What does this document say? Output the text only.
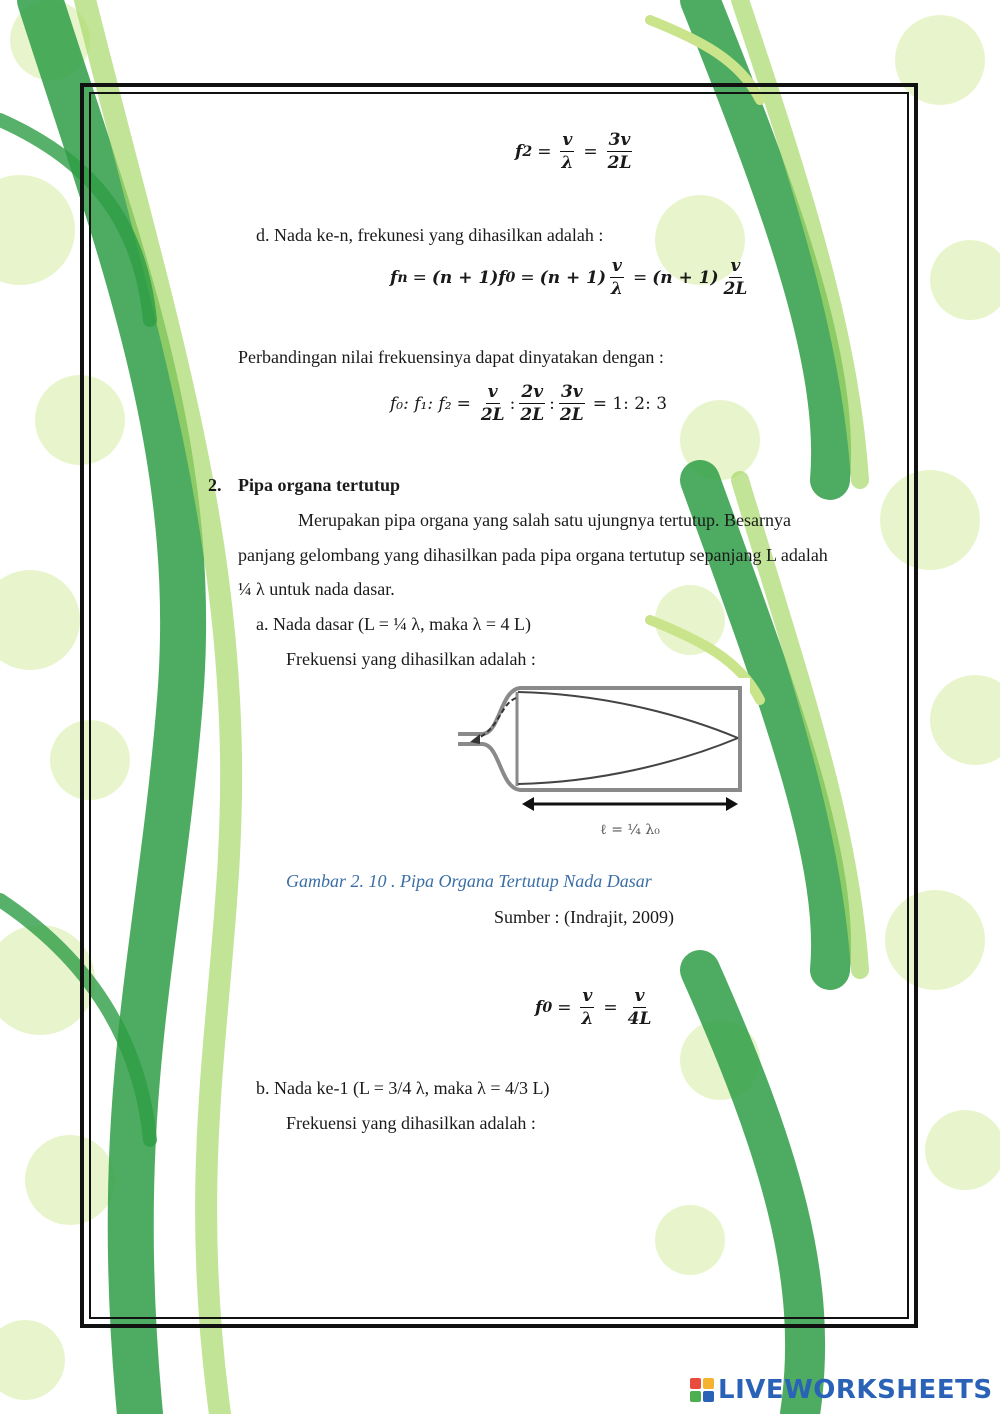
f $2 = \frac{v}{\lambda} = \frac{3v}{2L}$
d. Nada ke-n, frekunesi yang dihasilkan adalah :
f n = (n + 1)f $0 = (n + 1) \frac{v}{\lambda} = (n + 1) \frac{v}{2L}$
Perbandingan nilai frekuensinya dapat dinyatakan dengan :
f₀: f₁: $f_2 = \frac{v}{2L}$ : $\frac{2v}{2L}$ : $\frac{3v}{2L} = 1$: 2: 3
2. Pipa organa tertutup
Merupakan pipa organa yang salah satu ujungnya tertutup. Besarnya
panjang gelombang yang dihasilkan pada pipa organa tertutup sepanjang L adalah
¼ λ untuk nada dasar.
a. Nada dasar (L = ¼ λ, maka λ = 4 L)
Frekuensi yang dihasilkan adalah :
ℓ = ¼ λ₀
Gambar 2. 10 . Pipa Organa Tertutup Nada Dasar
Sumber : (Indrajit, 2009)
f $0 = \frac{v}{\lambda} = \frac{v}{4L}$
b. Nada ke-1 (L = 3/4 λ, maka λ = 4/3 L)
Frekuensi yang dihasilkan adalah :
LIVEWORKSHEETS
